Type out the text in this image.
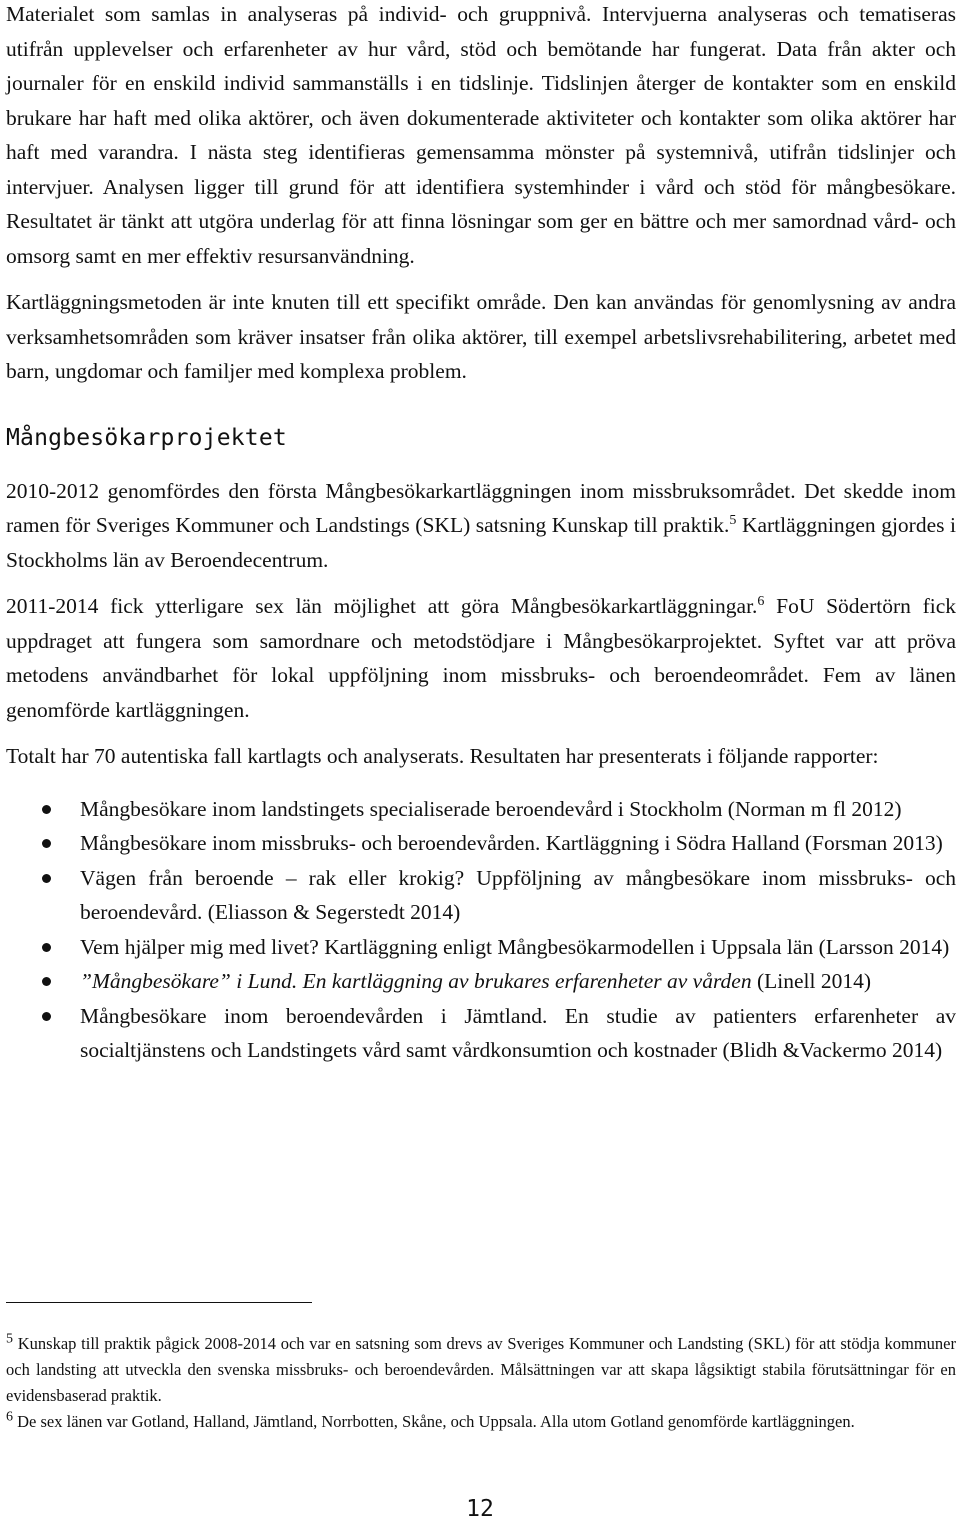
Materialet som samlas in analyseras på individ- och gruppnivå. Intervjuerna analyseras och tematiseras utifrån upplevelser och erfarenheter av hur vård, stöd och bemötande har fungerat. Data från akter och journaler för en enskild individ sammanställs i en tidslinje. Tidslinjen återger de kontakter som en enskild brukare har haft med olika aktörer, och även dokumenterade aktiviteter och kontakter som olika aktörer har haft med varandra. I nästa steg identifieras gemensamma mönster på systemnivå, utifrån tidslinjer och intervjuer. Analysen ligger till grund för att identifiera systemhinder i vård och stöd för mångbesökare. Resultatet är tänkt att utgöra underlag för att finna lösningar som ger en bättre och mer samordnad vård- och omsorg samt en mer effektiv resursanvändning.

Kartläggningsmetoden är inte knuten till ett specifikt område. Den kan användas för genomlysning av andra verksamhetsområden som kräver insatser från olika aktörer, till exempel arbetslivsrehabilitering, arbetet med barn, ungdomar och familjer med komplexa problem.

Mångbesökarprojektet

2010-2012 genomfördes den första Mångbesökarkartläggningen inom missbruksområdet. Det skedde inom ramen för Sveriges Kommuner och Landstings (SKL) satsning Kunskap till praktik.$^5$ Kartläggningen gjordes i Stockholms län av Beroendecentrum.

2011-2014 fick ytterligare sex län möjlighet att göra Mångbesökarkartläggningar.$^6$ FoU Södertörn fick uppdraget att fungera som samordnare och metodstödjare i Mångbesökarprojektet. Syftet var att pröva metodens användbarhet för lokal uppföljning inom missbruks- och beroendeområdet. Fem av länen genomförde kartläggningen.

Totalt har 70 autentiska fall kartlagts och analyserats. Resultaten har presenterats i följande rapporter:

Mångbesökare inom landstingets specialiserade beroendevård i Stockholm (Norman m fl 2012)
Mångbesökare inom missbruks- och beroendevården. Kartläggning i Södra Halland (Forsman 2013)
Vägen från beroende – rak eller krokig? Uppföljning av mångbesökare inom missbruks- och beroendevård. (Eliasson & Segerstedt 2014)
Vem hjälper mig med livet? Kartläggning enligt Mångbesökarmodellen i Uppsala län (Larsson 2014)
”Mångbesökare” i Lund. En kartläggning av brukares erfarenheter av vården (Linell 2014)
Mångbesökare inom beroendevården i Jämtland. En studie av patienters erfarenheter av socialtjänstens och Landstingets vård samt vårdkonsumtion och kostnader (Blidh &Vackermo 2014)

$^5$ Kunskap till praktik pågick 2008-2014 och var en satsning som drevs av Sveriges Kommuner och Landsting (SKL) för att stödja kommuner och landsting att utveckla den svenska missbruks- och beroendevården. Målsättningen var att skapa lågsiktigt stabila förutsättningar för en evidensbaserad praktik.

$^6$ De sex länen var Gotland, Halland, Jämtland, Norrbotten, Skåne, och Uppsala. Alla utom Gotland genomförde kartläggningen.

12
